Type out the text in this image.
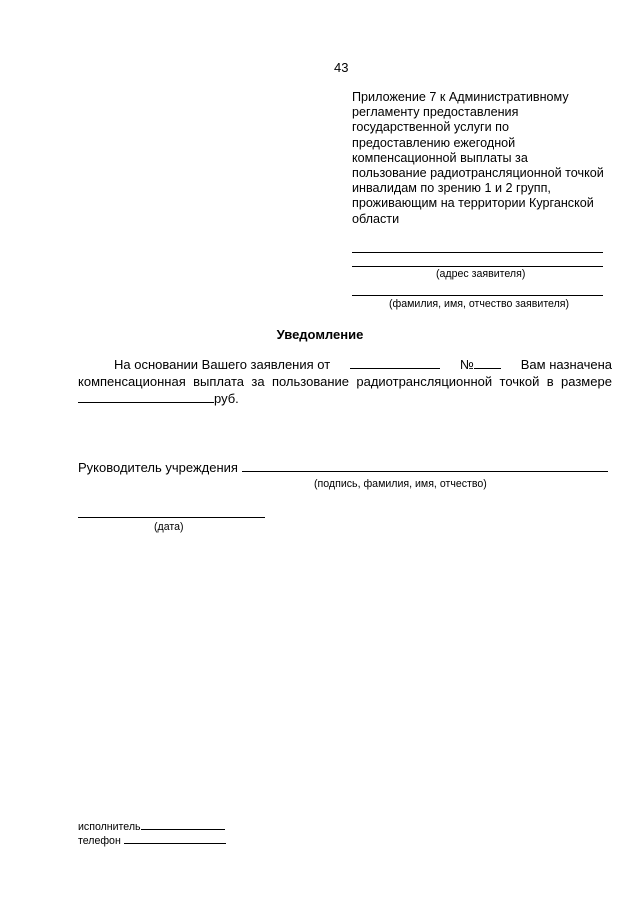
43
Приложение 7 к Административному
регламенту предоставления
государственной услуги по
предоставлению ежегодной
компенсационной выплаты за
пользование радиотрансляционной точкой
инвалидам по зрению 1 и 2 групп,
проживающим на территории Курганской
области
(адрес заявителя)
(фамилия, имя, отчество заявителя)
Уведомление
На основании Вашего заявления от	№	Вам назначена
компенсационная выплата за пользование радиотрансляционной точкой в размере
руб.
Руководитель учреждения
(подпись, фамилия, имя, отчество)
(дата)
исполнитель
телефон
